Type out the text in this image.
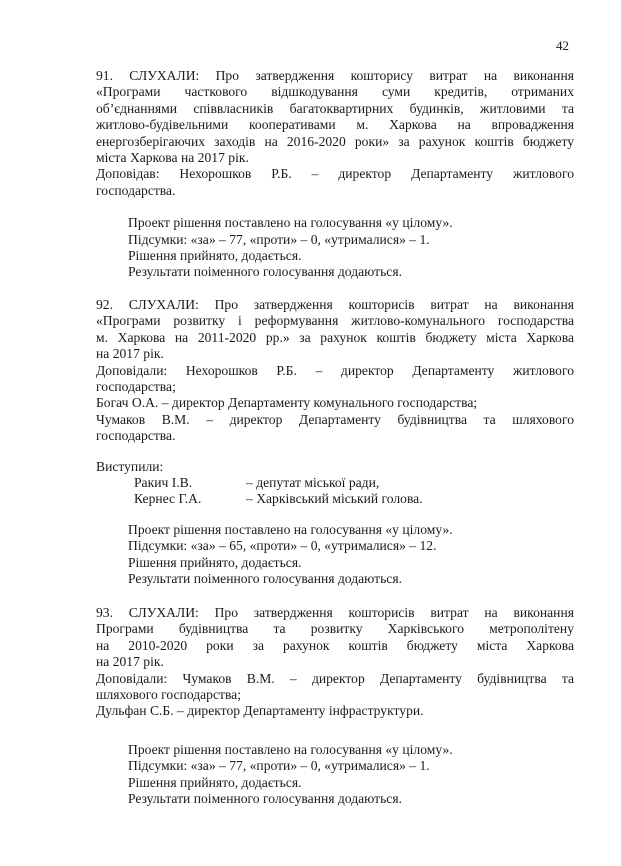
42
91. СЛУХАЛИ: Про затвердження кошторису витрат на виконання
«Програми часткового відшкодування суми кредитів, отриманих
об’єднаннями співвласників багатоквартирних будинків, житловими та
житлово-будівельними кооперативами м. Харкова на впровадження
енергозберігаючих заходів на 2016-2020 роки» за рахунок коштів бюджету
міста Харкова на 2017 рік.
Доповідав: Нехорошков Р.Б. – директор Департаменту житлового
господарства.
Проект рішення поставлено на голосування «у цілому».
Підсумки: «за» – 77, «проти» – 0, «утрималися» – 1.
Рішення прийнято, додається.
Результати поіменного голосування додаються.
92. СЛУХАЛИ: Про затвердження кошторисів витрат на виконання
«Програми розвитку і реформування житлово-комунального господарства
м. Харкова на 2011-2020 рр.» за рахунок коштів бюджету міста Харкова
на 2017 рік.
Доповідали: Нехорошков Р.Б. – директор Департаменту житлового
господарства;
Богач О.А. – директор Департаменту комунального господарства;
Чумаков В.М. – директор Департаменту будівництва та шляхового
господарства.
Виступили:
Ракич І.В.	– депутат міської ради,
Кернес Г.А.	– Харківський міський голова.
Проект рішення поставлено на голосування «у цілому».
Підсумки: «за» – 65, «проти» – 0, «утрималися» – 12.
Рішення прийнято, додається.
Результати поіменного голосування додаються.
93. СЛУХАЛИ: Про затвердження кошторисів витрат на виконання
Програми будівництва та розвитку Харківського метрополітену
на 2010-2020 роки за рахунок коштів бюджету міста Харкова
на 2017 рік.
Доповідали: Чумаков В.М. – директор Департаменту будівництва та
шляхового господарства;
Дульфан С.Б. – директор Департаменту інфраструктури.
Проект рішення поставлено на голосування «у цілому».
Підсумки: «за» – 77, «проти» – 0, «утрималися» – 1.
Рішення прийнято, додається.
Результати поіменного голосування додаються.
